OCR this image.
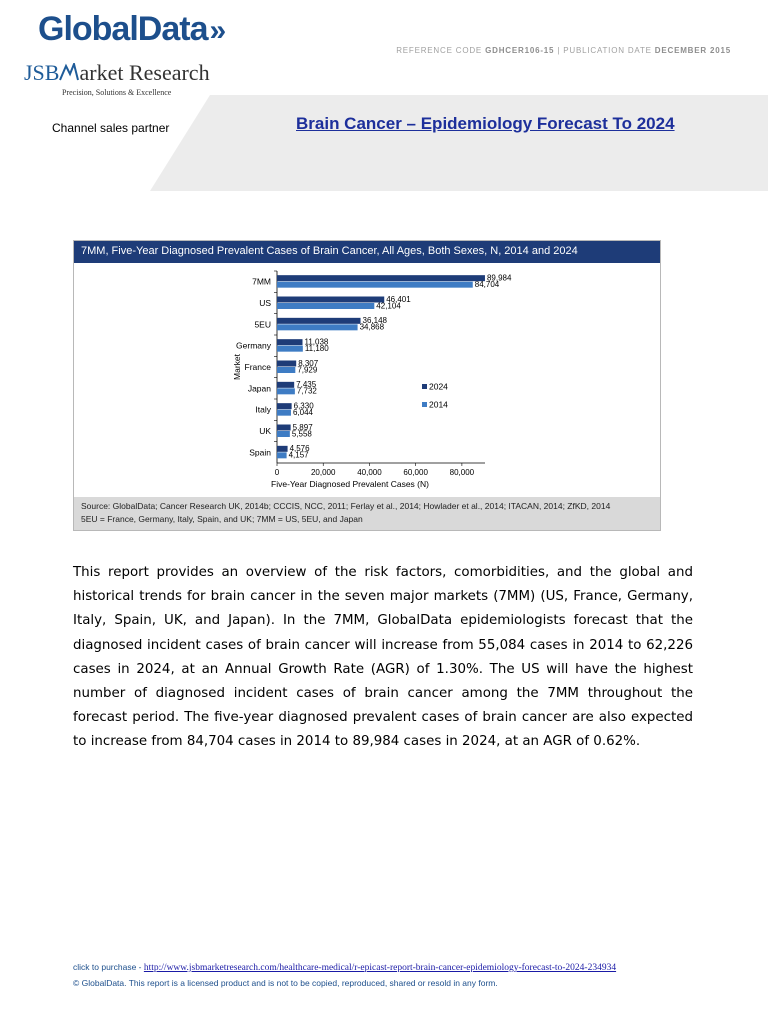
GlobalData»
REFERENCE CODE GDHCER106-15 | PUBLICATION DATE DECEMBER 2015
JSB arket Research
Precision, Solutions & Excellence
Channel sales partner	Brain Cancer – Epidemiology Forecast To 2024
7MM, Five-Year Diagnosed Prevalent Cases of Brain Cancer, All Ages, Both Sexes, N, 2014 and 2024
7MM	89,984
84,704
US	46,401
42,104
5EU	36,148
34,868
Germany	11,038
11,180
France	8,307
7,929
Japan	7,435
7,732
Italy	6,330
6,044
UK	5,897
5,558
Spain 4,576
4,157
0	20,000	40,000	60,000	80,000
Five-Year Diagnosed Prevalent Cases (N)
Market
2024
2014
Source: GlobalData; Cancer Research UK, 2014b; CCCIS, NCC, 2011; Ferlay et al., 2014; Howlader et al., 2014; ITACAN, 2014; ZfKD, 2014
5EU = France, Germany, Italy, Spain, and UK; 7MM = US, 5EU, and Japan
This report provides an overview of the risk factors, comorbidities, and the global and historical trends for brain cancer in the seven major markets (7MM) (US, France, Germany, Italy, Spain, UK, and Japan). In the 7MM, GlobalData epidemiologists forecast that the diagnosed incident cases of brain cancer will increase from 55,084 cases in 2014 to 62,226 cases in 2024, at an Annual Growth Rate (AGR) of 1.30%. The US will have the highest number of diagnosed incident cases of brain cancer among the 7MM throughout the forecast period. The five-year diagnosed prevalent cases of brain cancer are also expected to increase from 84,704 cases in 2014 to 89,984 cases in 2024, at an AGR of 0.62%.
click to purchase - http://www.jsbmarketresearch.com/healthcare-medical/r-epicast-report-brain-cancer-epidemiology-forecast-to-2024-234934
© GlobalData. This report is a licensed product and is not to be copied, reproduced, shared or resold in any form.
